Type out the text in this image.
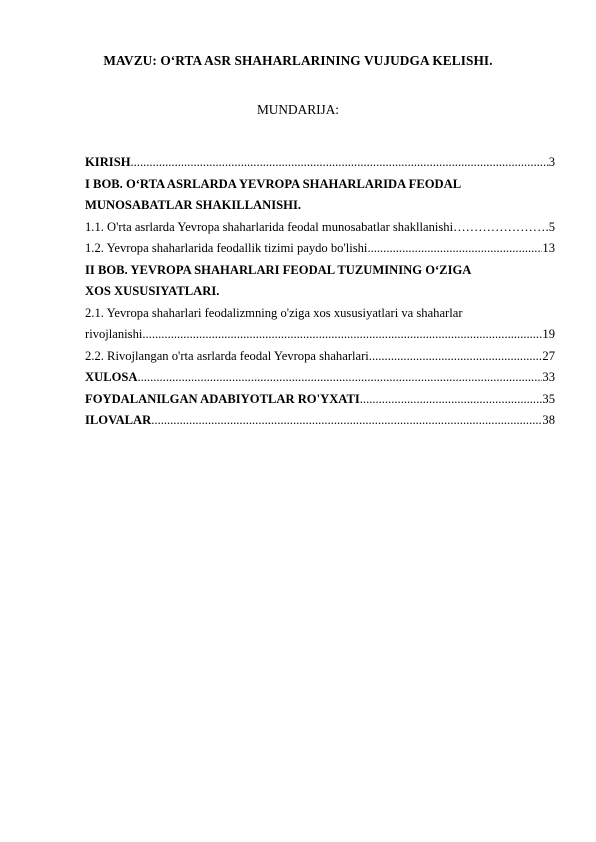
MAVZU: O‘RTA ASR SHAHARLARINING VUJUDGA KELISHI.
MUNDARIJA:
KIRISH .....	3
I BOB. O‘RTA ASRLARDA YEVROPA SHAHARLARIDA FEODAL
MUNOSABATLAR SHAKILLANISHI.
1.1. O'rta asrlarda Yevropa shaharlarida feodal munosabatlar shakllanishi …………………………………………………………………………………………………………	.5
1.2. Yevropa shaharlarida feodallik tizimi paydo bo'lishi .....	13
II BOB. YEVROPA SHAHARLARI FEODAL TUZUMINING O‘ZIGA
XOS XUSUSIYATLARI.
2.1. Yevropa shaharlari feodalizmning o'ziga xos xususiyatlari va shaharlar
rivojlanishi .....	19
2.2. Rivojlangan o'rta asrlarda feodal Yevropa shaharlari .....	27
XULOSA .....	33
FOYDALANILGAN ADABIYOTLAR RO'YXATI .....	35
ILOVALAR .....	38
